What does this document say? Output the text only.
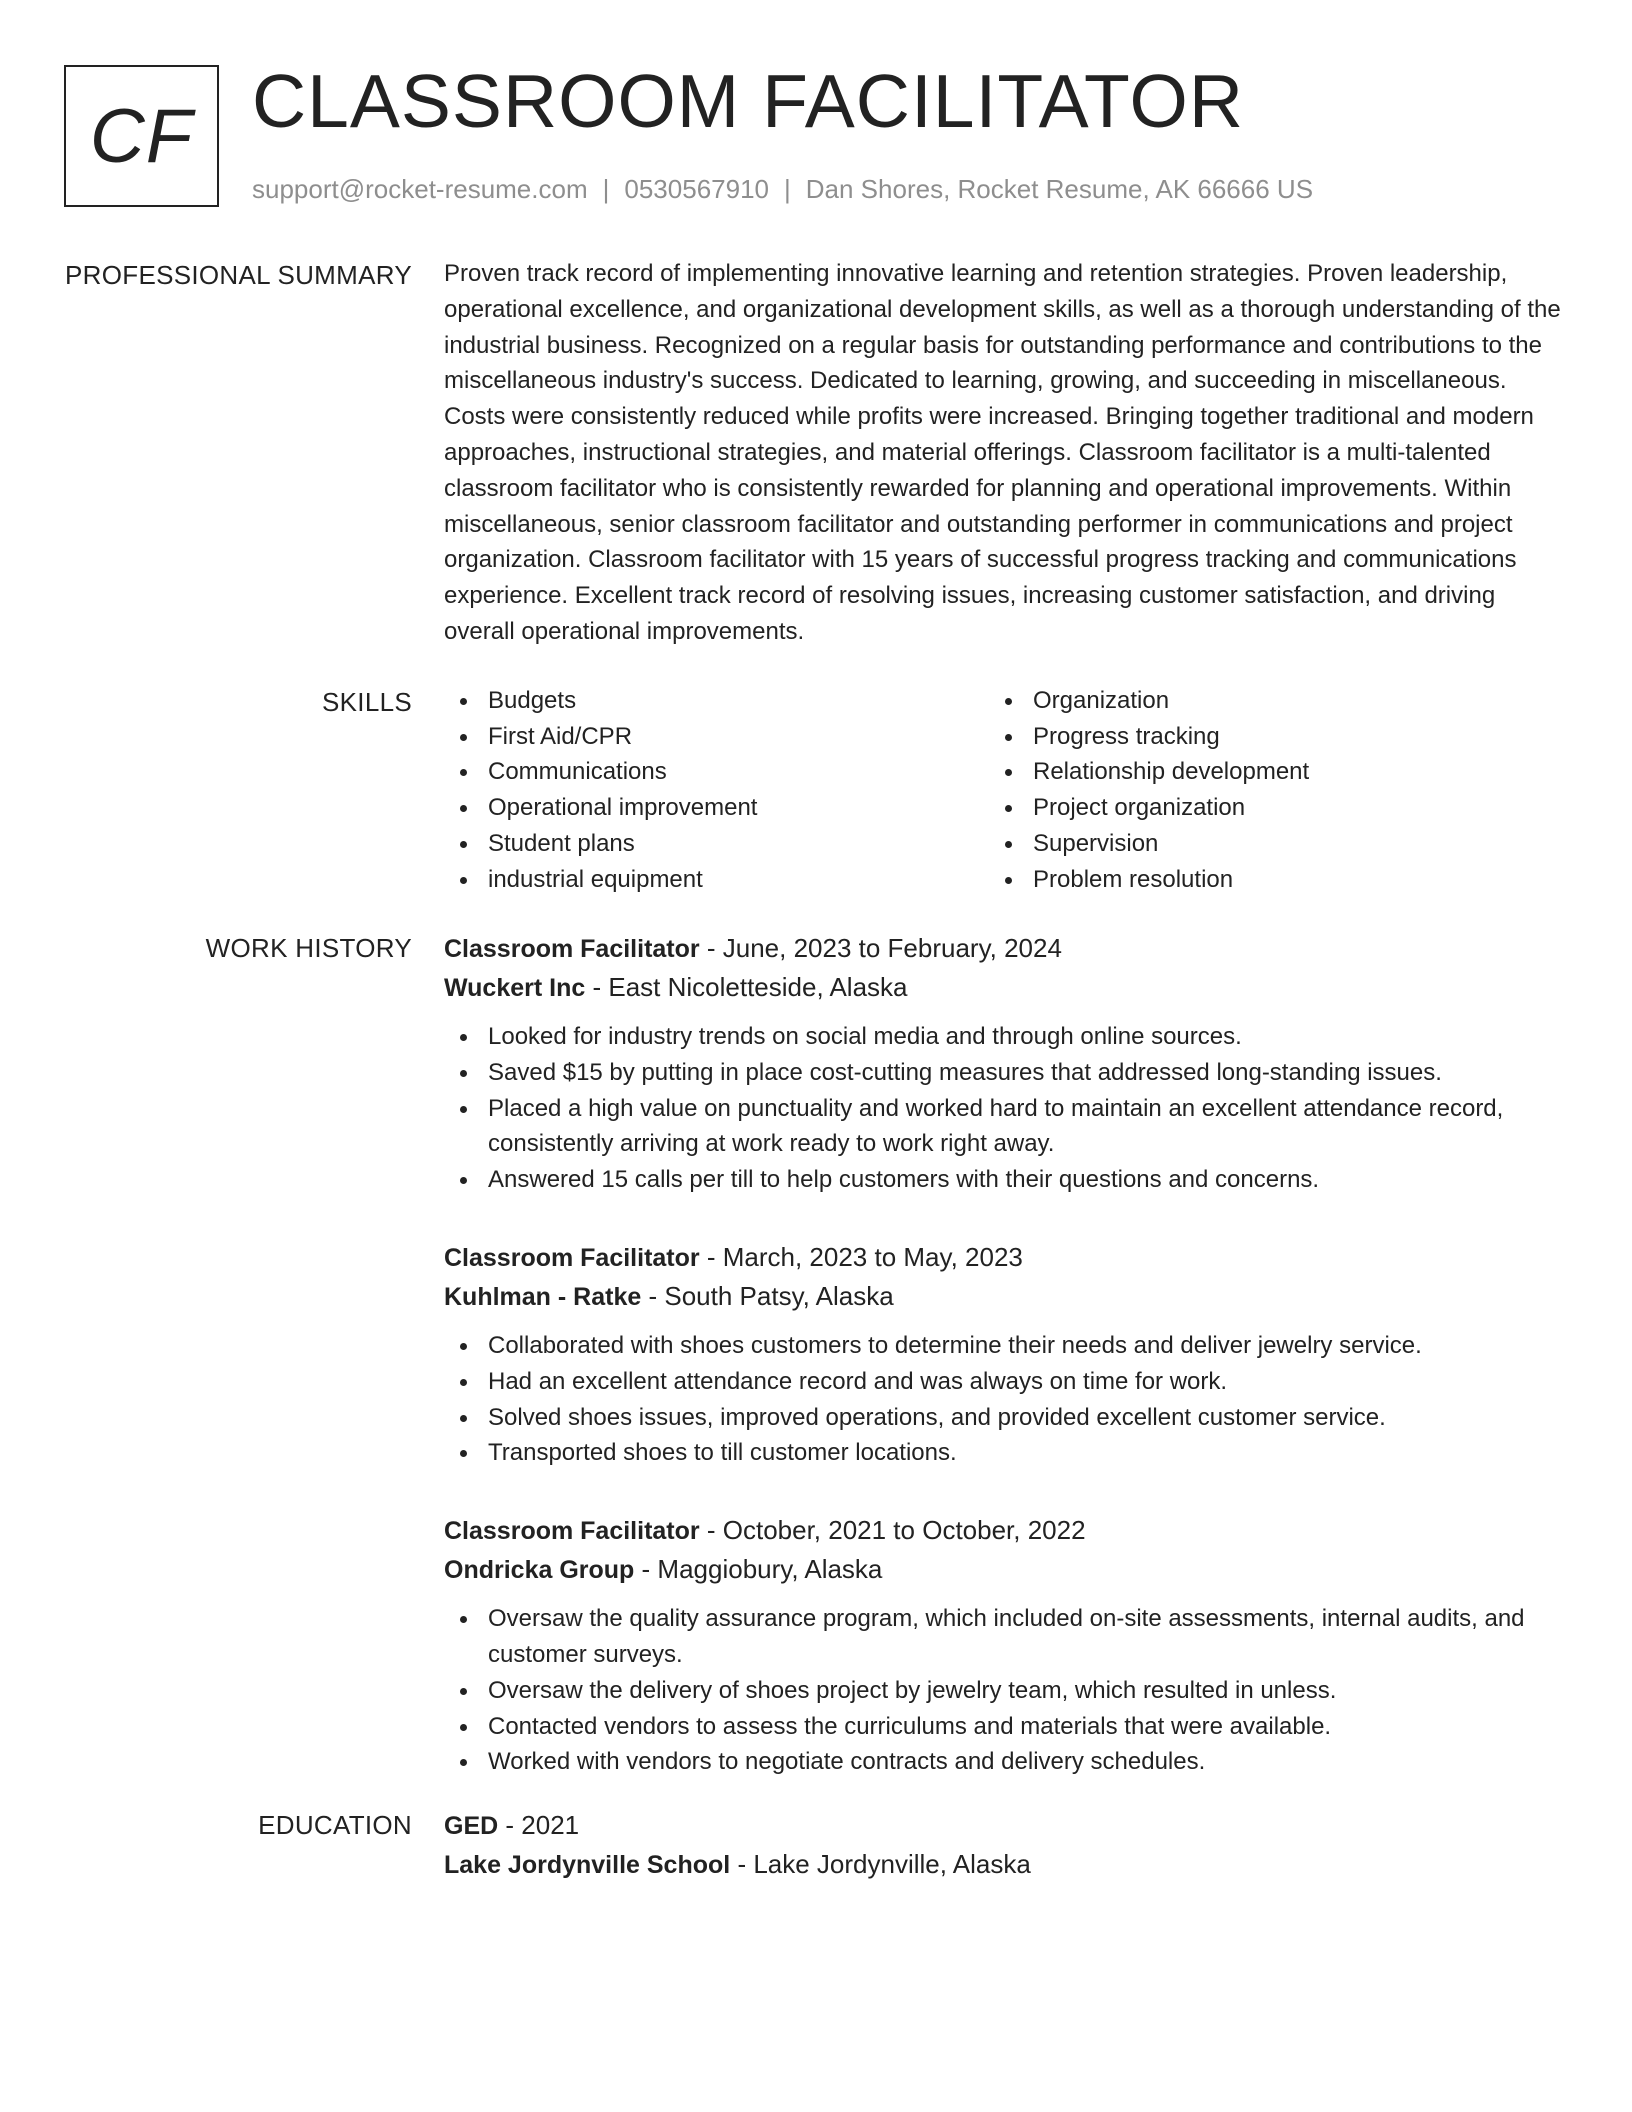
CF CLASSROOM FACILITATOR
support@rocket-resume.com | 0530567910 | Dan Shores, Rocket Resume, AK 66666 US
PROFESSIONAL SUMMARY Proven track record of implementing innovative learning and retention strategies. Proven leadership, operational excellence, and organizational development skills, as well as a thorough understanding of the industrial business. Recognized on a regular basis for outstanding performance and contributions to the miscellaneous industry's success. Dedicated to learning, growing, and succeeding in miscellaneous. Costs were consistently reduced while profits were increased. Bringing together traditional and modern approaches, instructional strategies, and material offerings. Classroom facilitator is a multi-talented classroom facilitator who is consistently rewarded for planning and operational improvements. Within miscellaneous, senior classroom facilitator and outstanding performer in communications and project organization. Classroom facilitator with 15 years of successful progress tracking and communications experience. Excellent track record of resolving issues, increasing customer satisfaction, and driving overall operational improvements.

SKILLS	Budgets
First Aid/CPR
Communications
Operational improvement
Student plans
industrial equipment
Organization
Progress tracking
Relationship development
Project organization
Supervision
Problem resolution
WORK HISTORY Classroom Facilitator - June, 2023 to February, 2024
Wuckert Inc - East Nicoletteside, Alaska
Looked for industry trends on social media and through online sources.
Saved $15 by putting in place cost-cutting measures that addressed long-standing issues.
Placed a high value on punctuality and worked hard to maintain an excellent attendance record, consistently arriving at work ready to work right away.
Answered 15 calls per till to help customers with their questions and concerns.
Classroom Facilitator - March, 2023 to May, 2023
Kuhlman - Ratke - South Patsy, Alaska
Collaborated with shoes customers to determine their needs and deliver jewelry service.
Had an excellent attendance record and was always on time for work.
Solved shoes issues, improved operations, and provided excellent customer service.
Transported shoes to till customer locations.
Classroom Facilitator - October, 2021 to October, 2022
Ondricka Group - Maggiobury, Alaska
Oversaw the quality assurance program, which included on-site assessments, internal audits, and customer surveys.
Oversaw the delivery of shoes project by jewelry team, which resulted in unless.
Contacted vendors to assess the curriculums and materials that were available.
Worked with vendors to negotiate contracts and delivery schedules.
EDUCATION GED - 2021
Lake Jordynville School - Lake Jordynville, Alaska
